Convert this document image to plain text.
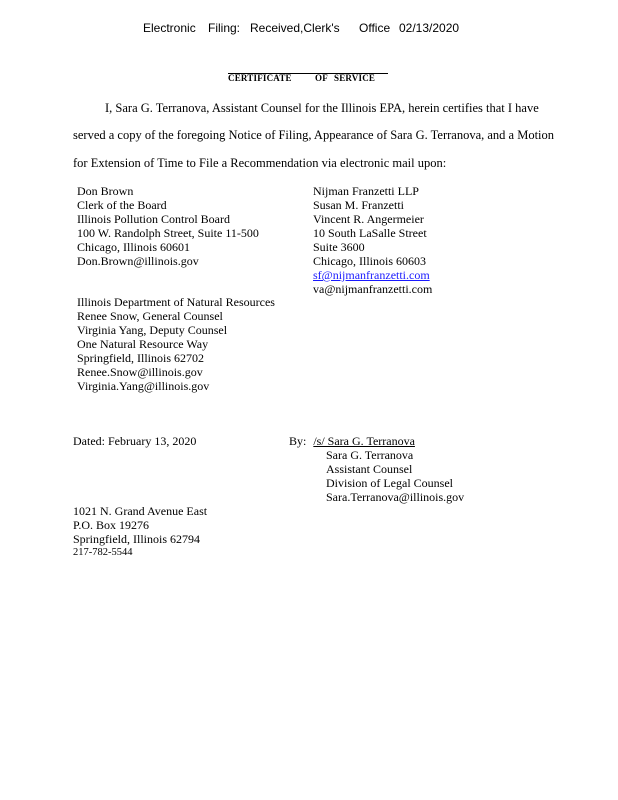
Electronic Filing: Received,Clerk's Office 02/13/2020
CERTIFICATE	OF SERVICE
I, Sara G. Terranova, Assistant Counsel for the Illinois EPA, herein certifies that I have
served a copy of the foregoing Notice of Filing, Appearance of Sara G. Terranova, and a Motion
for Extension of Time to File a Recommendation via electronic mail upon:
Don Brown
Clerk of the Board
Illinois Pollution Control Board
100 W. Randolph Street, Suite 11-500
Chicago, Illinois 60601
Don.Brown@illinois.gov
Nijman Franzetti LLP
Susan M. Franzetti
Vincent R. Angermeier
10 South LaSalle Street
Suite 3600
Chicago, Illinois 60603
sf@nijmanfranzetti.com
va@nijmanfranzetti.com
Illinois Department of Natural Resources
Renee Snow, General Counsel
Virginia Yang, Deputy Counsel
One Natural Resource Way
Springfield, Illinois 62702
Renee.Snow@illinois.gov
Virginia.Yang@illinois.gov
Dated: February 13, 2020	By: /s/ Sara G. Terranova
Sara G. Terranova
Assistant Counsel
Division of Legal Counsel
Sara.Terranova@illinois.gov
1021 N. Grand Avenue East
P.O. Box 19276
Springfield, Illinois 62794
217-782-5544
